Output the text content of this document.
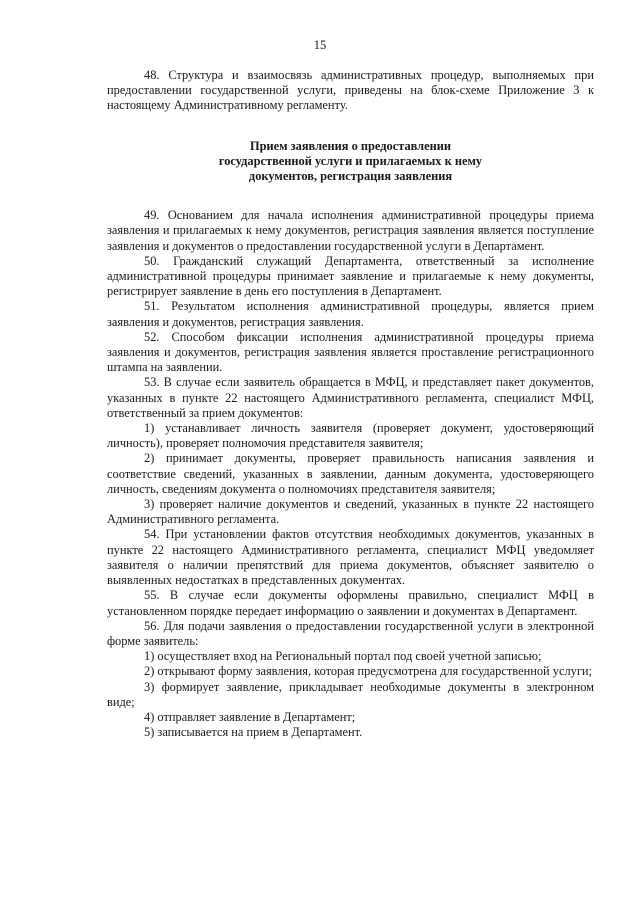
15

48. Структура и взаимосвязь административных процедур, выполняемых при предоставлении государственной услуги, приведены на блок-схеме Приложение 3 к настоящему Административному регламенту.

Прием заявления о предоставлении
государственной услуги и прилагаемых к нему
документов, регистрация заявления

49. Основанием для начала исполнения административной процедуры приема заявления и прилагаемых к нему документов, регистрация заявления является поступление заявления и документов о предоставлении государственной услуги в Департамент.

50. Гражданский служащий Департамента, ответственный за исполнение административной процедуры принимает заявление и прилагаемые к нему документы, регистрирует заявление в день его поступления в Департамент.

51. Результатом исполнения административной процедуры, является прием заявления и документов, регистрация заявления.

52. Способом фиксации исполнения административной процедуры приема заявления и документов, регистрация заявления является проставление регистрационного штампа на заявлении.

53. В случае если заявитель обращается в МФЦ, и представляет пакет документов, указанных в пункте 22 настоящего Административного регламента, специалист МФЦ, ответственный за прием документов:

1) устанавливает личность заявителя (проверяет документ, удостоверяющий личность), проверяет полномочия представителя заявителя;

2) принимает документы, проверяет правильность написания заявления и соответствие сведений, указанных в заявлении, данным документа, удостоверяющего личность, сведениям документа о полномочиях представителя заявителя;

3) проверяет наличие документов и сведений, указанных в пункте 22 настоящего Административного регламента.

54. При установлении фактов отсутствия необходимых документов, указанных в пункте 22 настоящего Административного регламента, специалист МФЦ уведомляет заявителя о наличии препятствий для приема документов, объясняет заявителю о выявленных недостатках в представленных документах.

55. В случае если документы оформлены правильно, специалист МФЦ в установленном порядке передает информацию о заявлении и документах в Департамент.

56. Для подачи заявления о предоставлении государственной услуги в электронной форме заявитель:

1) осуществляет вход на Региональный портал под своей учетной записью;

2) открывают форму заявления, которая предусмотрена для государственной услуги;

3) формирует заявление, прикладывает необходимые документы в электронном виде;

4) отправляет заявление в Департамент;

5) записывается на прием в Департамент.
